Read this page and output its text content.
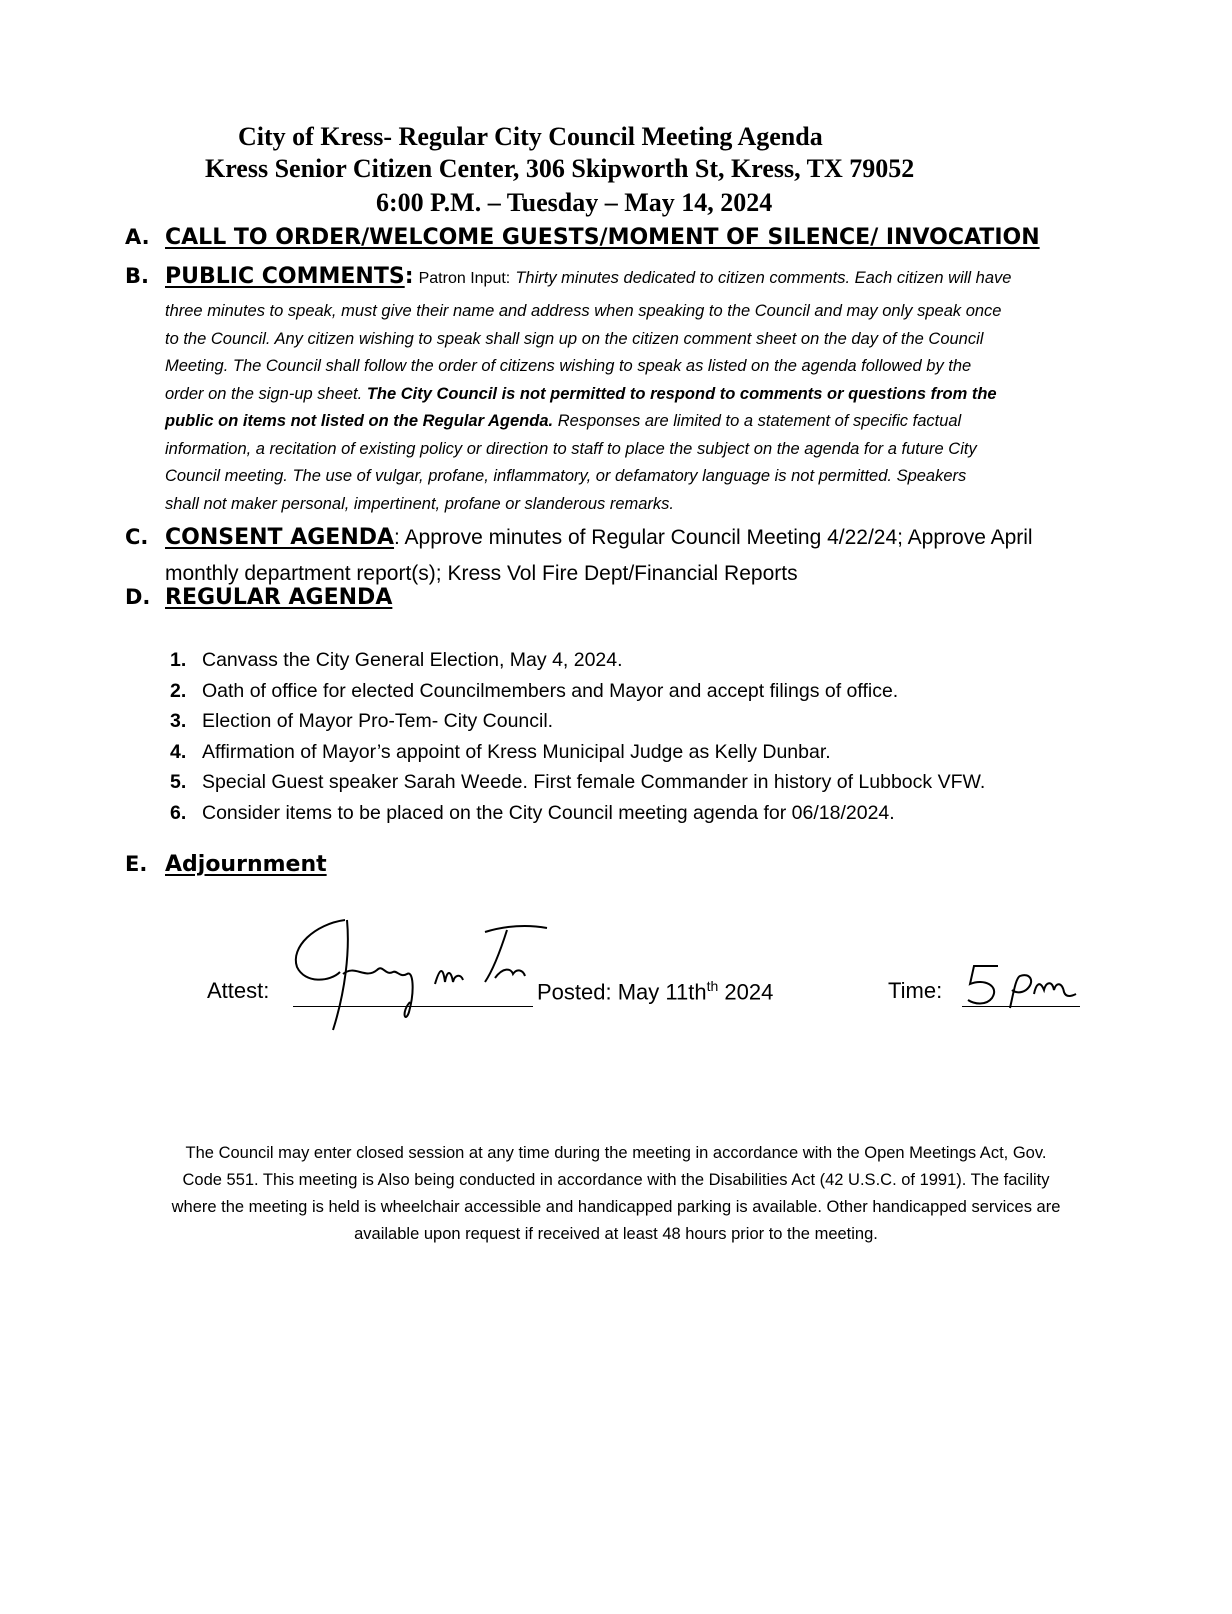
City of Kress- Regular City Council Meeting Agenda
Kress Senior Citizen Center, 306 Skipworth St, Kress, TX 79052
6:00 P.M. – Tuesday – May 14, 2024
A. CALL TO ORDER/WELCOME GUESTS/MOMENT OF SILENCE/ INVOCATION
B. PUBLIC COMMENTS: Patron Input: Thirty minutes dedicated to citizen comments. Each citizen will have
three minutes to speak, must give their name and address when speaking to the Council and may only speak once
to the Council. Any citizen wishing to speak shall sign up on the citizen comment sheet on the day of the Council
Meeting. The Council shall follow the order of citizens wishing to speak as listed on the agenda followed by the
order on the sign-up sheet. The City Council is not permitted to respond to comments or questions from the
public on items not listed on the Regular Agenda. Responses are limited to a statement of specific factual
information, a recitation of existing policy or direction to staff to place the subject on the agenda for a future City
Council meeting. The use of vulgar, profane, inflammatory, or defamatory language is not permitted. Speakers
shall not maker personal, impertinent, profane or slanderous remarks.
C. CONSENT AGENDA: Approve minutes of Regular Council Meeting 4/22/24; Approve April
monthly department report(s); Kress Vol Fire Dept/Financial Reports
D. REGULAR AGENDA
1. Canvass the City General Election, May 4, 2024.
2. Oath of office for elected Councilmembers and Mayor and accept filings of office.
3. Election of Mayor Pro-Tem- City Council.
4. Affirmation of Mayor’s appoint of Kress Municipal Judge as Kelly Dunbar.
5. Special Guest speaker Sarah Weede. First female Commander in history of Lubbock VFW.
6. Consider items to be placed on the City Council meeting agenda for 06/18/2024.
E. Adjournment
Attest:	Posted: May $11th^{th}$ 2024	Time:
The Council may enter closed session at any time during the meeting in accordance with the Open Meetings Act, Gov.
Code 551. This meeting is Also being conducted in accordance with the Disabilities Act (42 U.S.C. of 1991). The facility
where the meeting is held is wheelchair accessible and handicapped parking is available. Other handicapped services are
available upon request if received at least 48 hours prior to the meeting.
